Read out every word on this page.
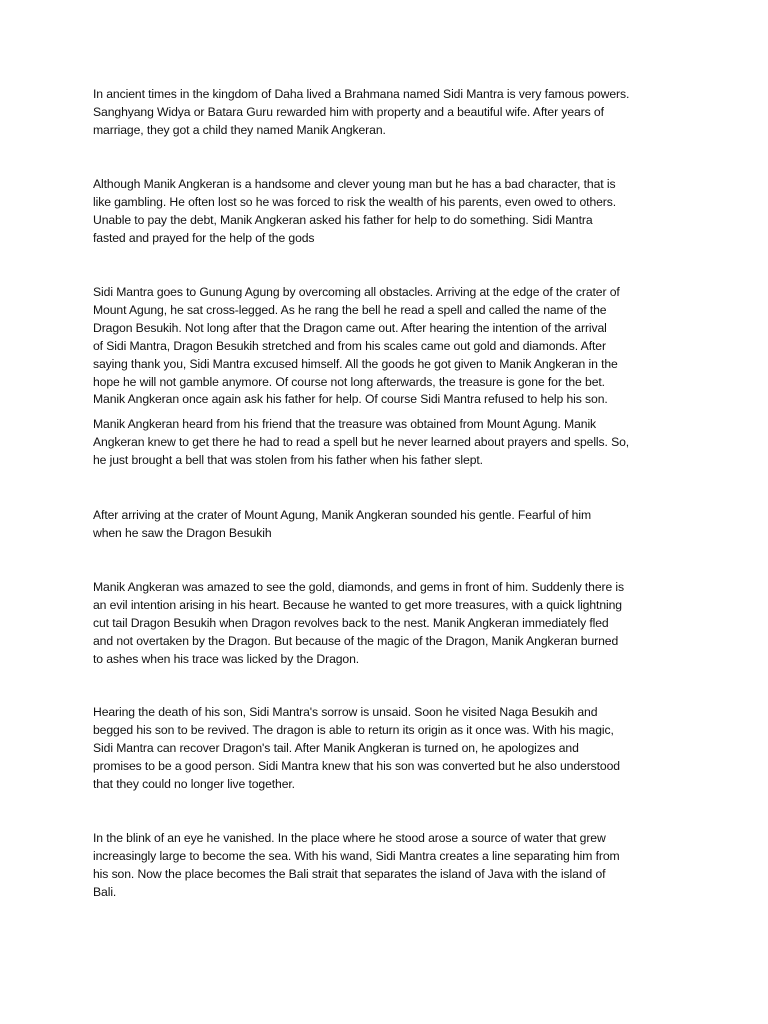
In ancient times in the kingdom of Daha lived a Brahmana named Sidi Mantra is very famous powers.
Sanghyang Widya or Batara Guru rewarded him with property and a beautiful wife. After years of
marriage, they got a child they named Manik Angkeran.

Although Manik Angkeran is a handsome and clever young man but he has a bad character, that is
like gambling. He often lost so he was forced to risk the wealth of his parents, even owed to others.
Unable to pay the debt, Manik Angkeran asked his father for help to do something. Sidi Mantra
fasted and prayed for the help of the gods

Sidi Mantra goes to Gunung Agung by overcoming all obstacles. Arriving at the edge of the crater of
Mount Agung, he sat cross-legged. As he rang the bell he read a spell and called the name of the
Dragon Besukih. Not long after that the Dragon came out. After hearing the intention of the arrival
of Sidi Mantra, Dragon Besukih stretched and from his scales came out gold and diamonds. After
saying thank you, Sidi Mantra excused himself. All the goods he got given to Manik Angkeran in the
hope he will not gamble anymore. Of course not long afterwards, the treasure is gone for the bet.
Manik Angkeran once again ask his father for help. Of course Sidi Mantra refused to help his son.

Manik Angkeran heard from his friend that the treasure was obtained from Mount Agung. Manik
Angkeran knew to get there he had to read a spell but he never learned about prayers and spells. So,
he just brought a bell that was stolen from his father when his father slept.

After arriving at the crater of Mount Agung, Manik Angkeran sounded his gentle. Fearful of him
when he saw the Dragon Besukih

Manik Angkeran was amazed to see the gold, diamonds, and gems in front of him. Suddenly there is
an evil intention arising in his heart. Because he wanted to get more treasures, with a quick lightning
cut tail Dragon Besukih when Dragon revolves back to the nest. Manik Angkeran immediately fled
and not overtaken by the Dragon. But because of the magic of the Dragon, Manik Angkeran burned
to ashes when his trace was licked by the Dragon.

Hearing the death of his son, Sidi Mantra's sorrow is unsaid. Soon he visited Naga Besukih and
begged his son to be revived. The dragon is able to return its origin as it once was. With his magic,
Sidi Mantra can recover Dragon's tail. After Manik Angkeran is turned on, he apologizes and
promises to be a good person. Sidi Mantra knew that his son was converted but he also understood
that they could no longer live together.

In the blink of an eye he vanished. In the place where he stood arose a source of water that grew
increasingly large to become the sea. With his wand, Sidi Mantra creates a line separating him from
his son. Now the place becomes the Bali strait that separates the island of Java with the island of
Bali.
